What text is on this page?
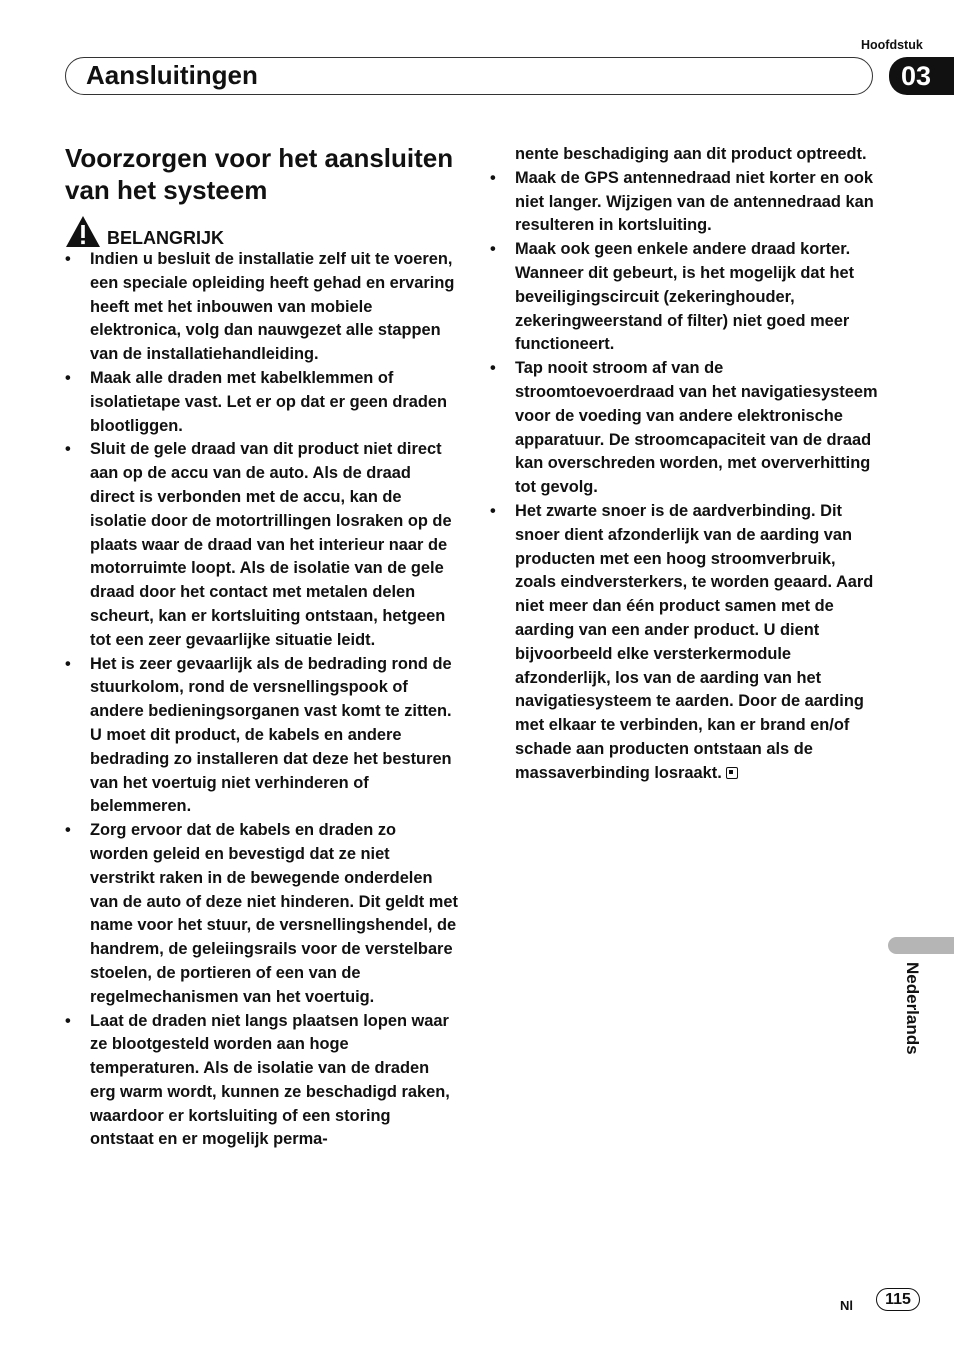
Hoofdstuk
Aansluitingen	03
Voorzorgen voor het aansluiten van het systeem
BELANGRIJK
• Indien u besluit de installatie zelf uit te voeren, een speciale opleiding heeft gehad en ervaring heeft met het inbouwen van mobiele elektronica, volg dan nauwgezet alle stappen van de installatiehandleiding.
• Maak alle draden met kabelklemmen of isolatietape vast. Let er op dat er geen draden blootliggen.
• Sluit de gele draad van dit product niet direct aan op de accu van de auto. Als de draad direct is verbonden met de accu, kan de isolatie door de motortrillingen losraken op de plaats waar de draad van het interieur naar de motorruimte loopt. Als de isolatie van de gele draad door het contact met metalen delen scheurt, kan er kortsluiting ontstaan, hetgeen tot een zeer gevaarlijke situatie leidt.
• Het is zeer gevaarlijk als de bedrading rond de stuurkolom, rond de versnellingspook of andere bedieningsorganen vast komt te zitten. U moet dit product, de kabels en andere bedrading zo installeren dat deze het besturen van het voertuig niet verhinderen of belemmeren.
• Zorg ervoor dat de kabels en draden zo worden geleid en bevestigd dat ze niet verstrikt raken in de bewegende onderdelen van de auto of deze niet hinderen. Dit geldt met name voor het stuur, de versnellingshendel, de handrem, de geleiingsrails voor de verstelbare stoelen, de portieren of een van de regelmechanismen van het voertuig.
• Laat de draden niet langs plaatsen lopen waar ze blootgesteld worden aan hoge temperaturen. Als de isolatie van de draden erg warm wordt, kunnen ze beschadigd raken, waardoor er kortsluiting of een storing ontstaat en er mogelijk perma-
nente beschadiging aan dit product optreedt.
• Maak de GPS antennedraad niet korter en ook niet langer. Wijzigen van de antennedraad kan resulteren in kortsluiting.
• Maak ook geen enkele andere draad korter. Wanneer dit gebeurt, is het mogelijk dat het beveiligingscircuit (zekeringhouder, zekeringweerstand of filter) niet goed meer functioneert.
• Tap nooit stroom af van de stroomtoevoerdraad van het navigatiesysteem voor de voeding van andere elektronische apparatuur. De stroomcapaciteit van de draad kan overschreden worden, met oververhitting tot gevolg.
• Het zwarte snoer is de aardverbinding. Dit snoer dient afzonderlijk van de aarding van producten met een hoog stroomverbruik, zoals eindversterkers, te worden geaard. Aard niet meer dan één product samen met de aarding van een ander product. U dient bijvoorbeeld elke versterkermodule afzonderlijk, los van de aarding van het navigatiesysteem te aarden. Door de aarding met elkaar te verbinden, kan er brand en/of schade aan producten ontstaan als de massaverbinding losraakt.
Nederlands
Nl	115
